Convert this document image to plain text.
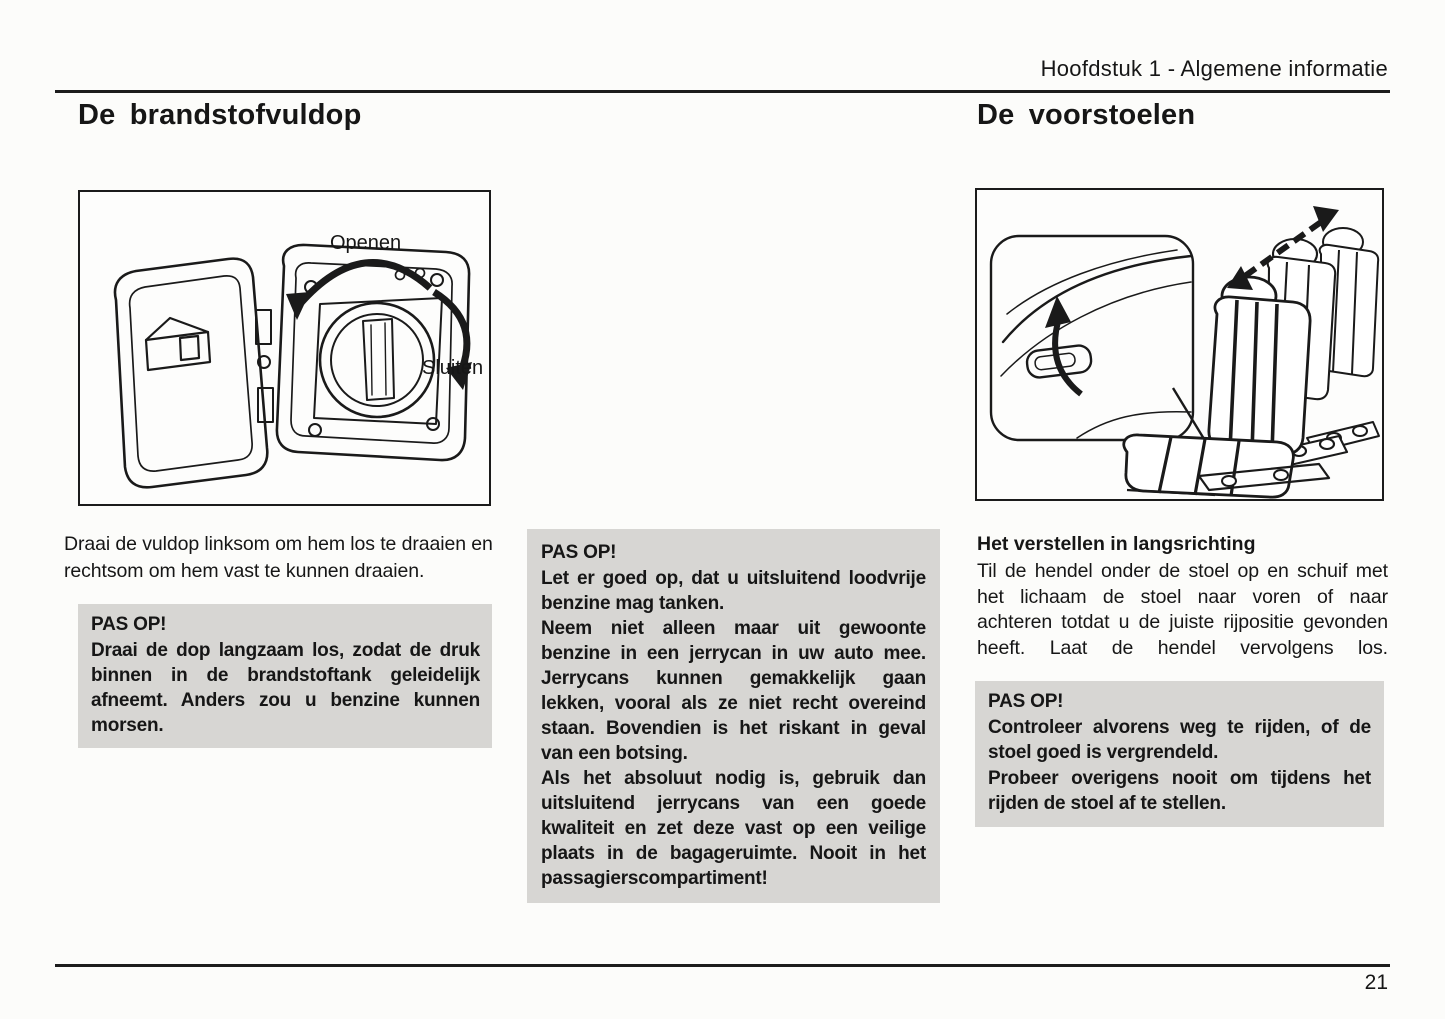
Hoofdstuk 1 - Algemene informatie
De brandstofvuldop	De voorstoelen
Openen
Sluiten

Draai de vuldop linksom om hem los te draaien en rechtsom om hem vast te kunnen draaien.

PAS OP!
Draai de dop langzaam los, zodat de druk binnen in de brandstoftank geleidelijk afneemt. Anders zou u benzine kunnen morsen.
PAS OP!
Let er goed op, dat u uitsluitend loodvrije benzine mag tanken.
Neem niet alleen maar uit gewoonte benzine in een jerrycan in uw auto mee. Jerrycans kunnen gemakkelijk gaan lekken, vooral als ze niet recht overeind staan. Bovendien is het riskant in geval van een botsing.
Als het absoluut nodig is, gebruik dan uitsluitend jerrycans van een goede kwaliteit en zet deze vast op een veilige plaats in de bagageruimte. Nooit in het passagierscompartiment!
Het verstellen in langsrichting

Til de hendel onder de stoel op en schuif met het lichaam de stoel naar voren of naar achteren totdat u de juiste rijpositie gevonden heeft. Laat de hendel vervolgens los.

PAS OP!
Controleer alvorens weg te rijden, of de stoel goed is vergrendeld.
Probeer overigens nooit om tijdens het rijden de stoel af te stellen.
21
